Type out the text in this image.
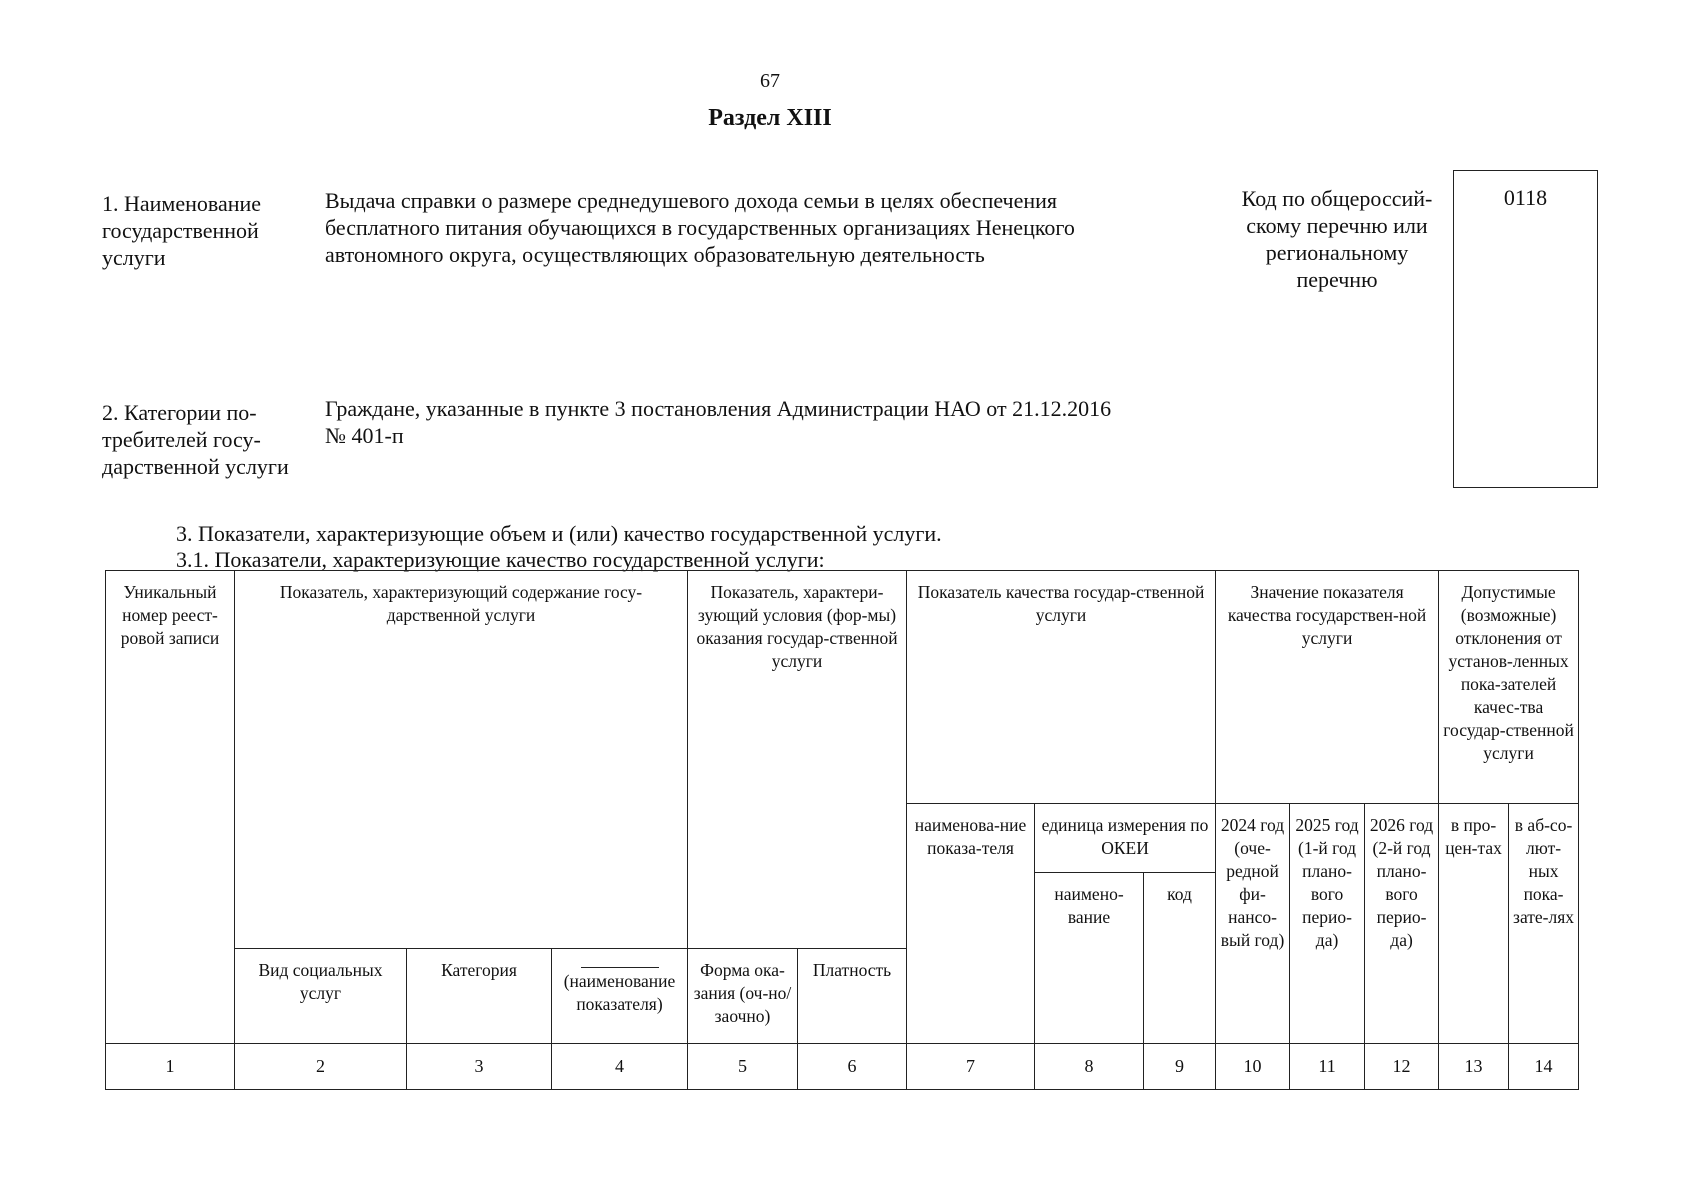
67
Раздел XIII
1. Наименование
государственной
услуги
Выдача справки о размере среднедушевого дохода семьи в целях обеспечения
бесплатного питания обучающихся в государственных организациях Ненецкого
автономного округа, осуществляющих образовательную деятельность
Код по общероссий-
скому перечню или
региональному
перечню
0118
2. Категории по-
требителей госу-
дарственной услуги
Граждане, указанные в пункте 3 постановления Администрации НАО от 21.12.2016
№ 401-п
3. Показатели, характеризующие объем и (или) качество государственной услуги.
3.1. Показатели, характеризующие качество государственной услуги:
Уникальный номер реест-ровой записи	Показатель, характеризующий содержание госу-дарственной услуги			Показатель, характери-зующий условия (фор-мы) оказания государ-ственной услуги		Показатель качества государ-ственной услуги			Значение показателя качества государствен-ной услуги			Допустимые (возможные) отклонения от установ-ленных пока-зателей качес-тва государ-ственной услуги	
						наименова-ние показа-теля	единица измерения по ОКЕИ		2024 год (оче-редной фи-нансо-вый год)	2025 год (1-й год плано-вого перио-да)	2026 год (2-й год плано-вого перио-да)	в про-цен-тах	в аб-со-лют-ных пока-зате-лях
							наимено-вание	код					
	Вид социальных услуг	Категория	(наименование показателя)	Форма ока-зания (оч-но/заочно)	Платность								
1	2	3	4	5	6	7	8	9	10	11	12	13	14
